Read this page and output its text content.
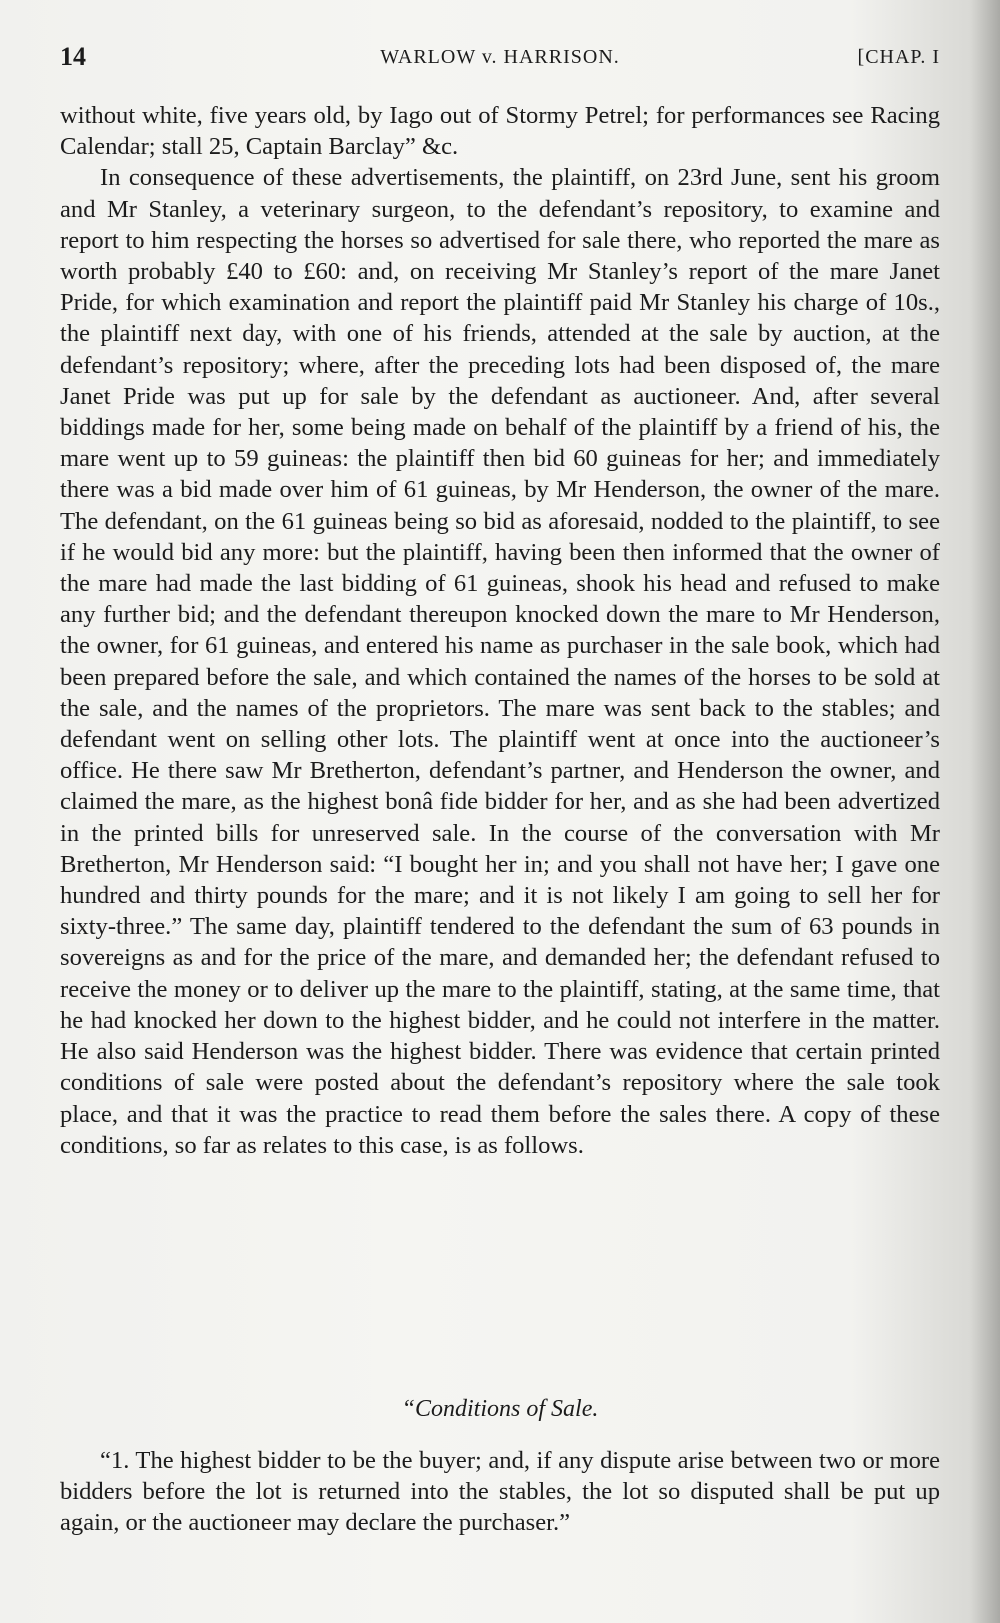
14	WARLOW v. HARRISON.	[CHAP. I

without white, five years old, by Iago out of Stormy Petrel; for performances see Racing Calendar; stall 25, Captain Barclay” &c.

In consequence of these advertisements, the plaintiff, on 23rd June, sent his groom and Mr Stanley, a veterinary surgeon, to the defendant’s repository, to examine and report to him respecting the horses so advertised for sale there, who reported the mare as worth probably £40 to £60: and, on receiving Mr Stanley’s report of the mare Janet Pride, for which examination and report the plaintiff paid Mr Stanley his charge of 10s., the plaintiff next day, with one of his friends, attended at the sale by auction, at the defendant’s repository; where, after the preceding lots had been disposed of, the mare Janet Pride was put up for sale by the defendant as auctioneer. And, after several biddings made for her, some being made on behalf of the plaintiff by a friend of his, the mare went up to 59 guineas: the plaintiff then bid 60 guineas for her; and immediately there was a bid made over him of 61 guineas, by Mr Henderson, the owner of the mare. The defendant, on the 61 guineas being so bid as aforesaid, nodded to the plaintiff, to see if he would bid any more: but the plaintiff, having been then informed that the owner of the mare had made the last bidding of 61 guineas, shook his head and refused to make any further bid; and the defendant thereupon knocked down the mare to Mr Henderson, the owner, for 61 guineas, and entered his name as purchaser in the sale book, which had been prepared before the sale, and which contained the names of the horses to be sold at the sale, and the names of the proprietors. The mare was sent back to the stables; and defendant went on selling other lots. The plaintiff went at once into the auctioneer’s office. He there saw Mr Bretherton, defendant’s partner, and Henderson the owner, and claimed the mare, as the highest bonâ fide bidder for her, and as she had been advertized in the printed bills for unreserved sale. In the course of the conversation with Mr Bretherton, Mr Henderson said: “I bought her in; and you shall not have her; I gave one hundred and thirty pounds for the mare; and it is not likely I am going to sell her for sixty-three.” The same day, plaintiff tendered to the defendant the sum of 63 pounds in sovereigns as and for the price of the mare, and demanded her; the defendant refused to receive the money or to deliver up the mare to the plaintiff, stating, at the same time, that he had knocked her down to the highest bidder, and he could not interfere in the matter. He also said Henderson was the highest bidder. There was evidence that certain printed conditions of sale were posted about the defendant’s repository where the sale took place, and that it was the practice to read them before the sales there. A copy of these conditions, so far as relates to this case, is as follows.

“Conditions of Sale.
“1. The highest bidder to be the buyer; and, if any dispute arise between two or more bidders before the lot is returned into the stables, the lot so disputed shall be put up again, or the auctioneer may declare the purchaser.”
